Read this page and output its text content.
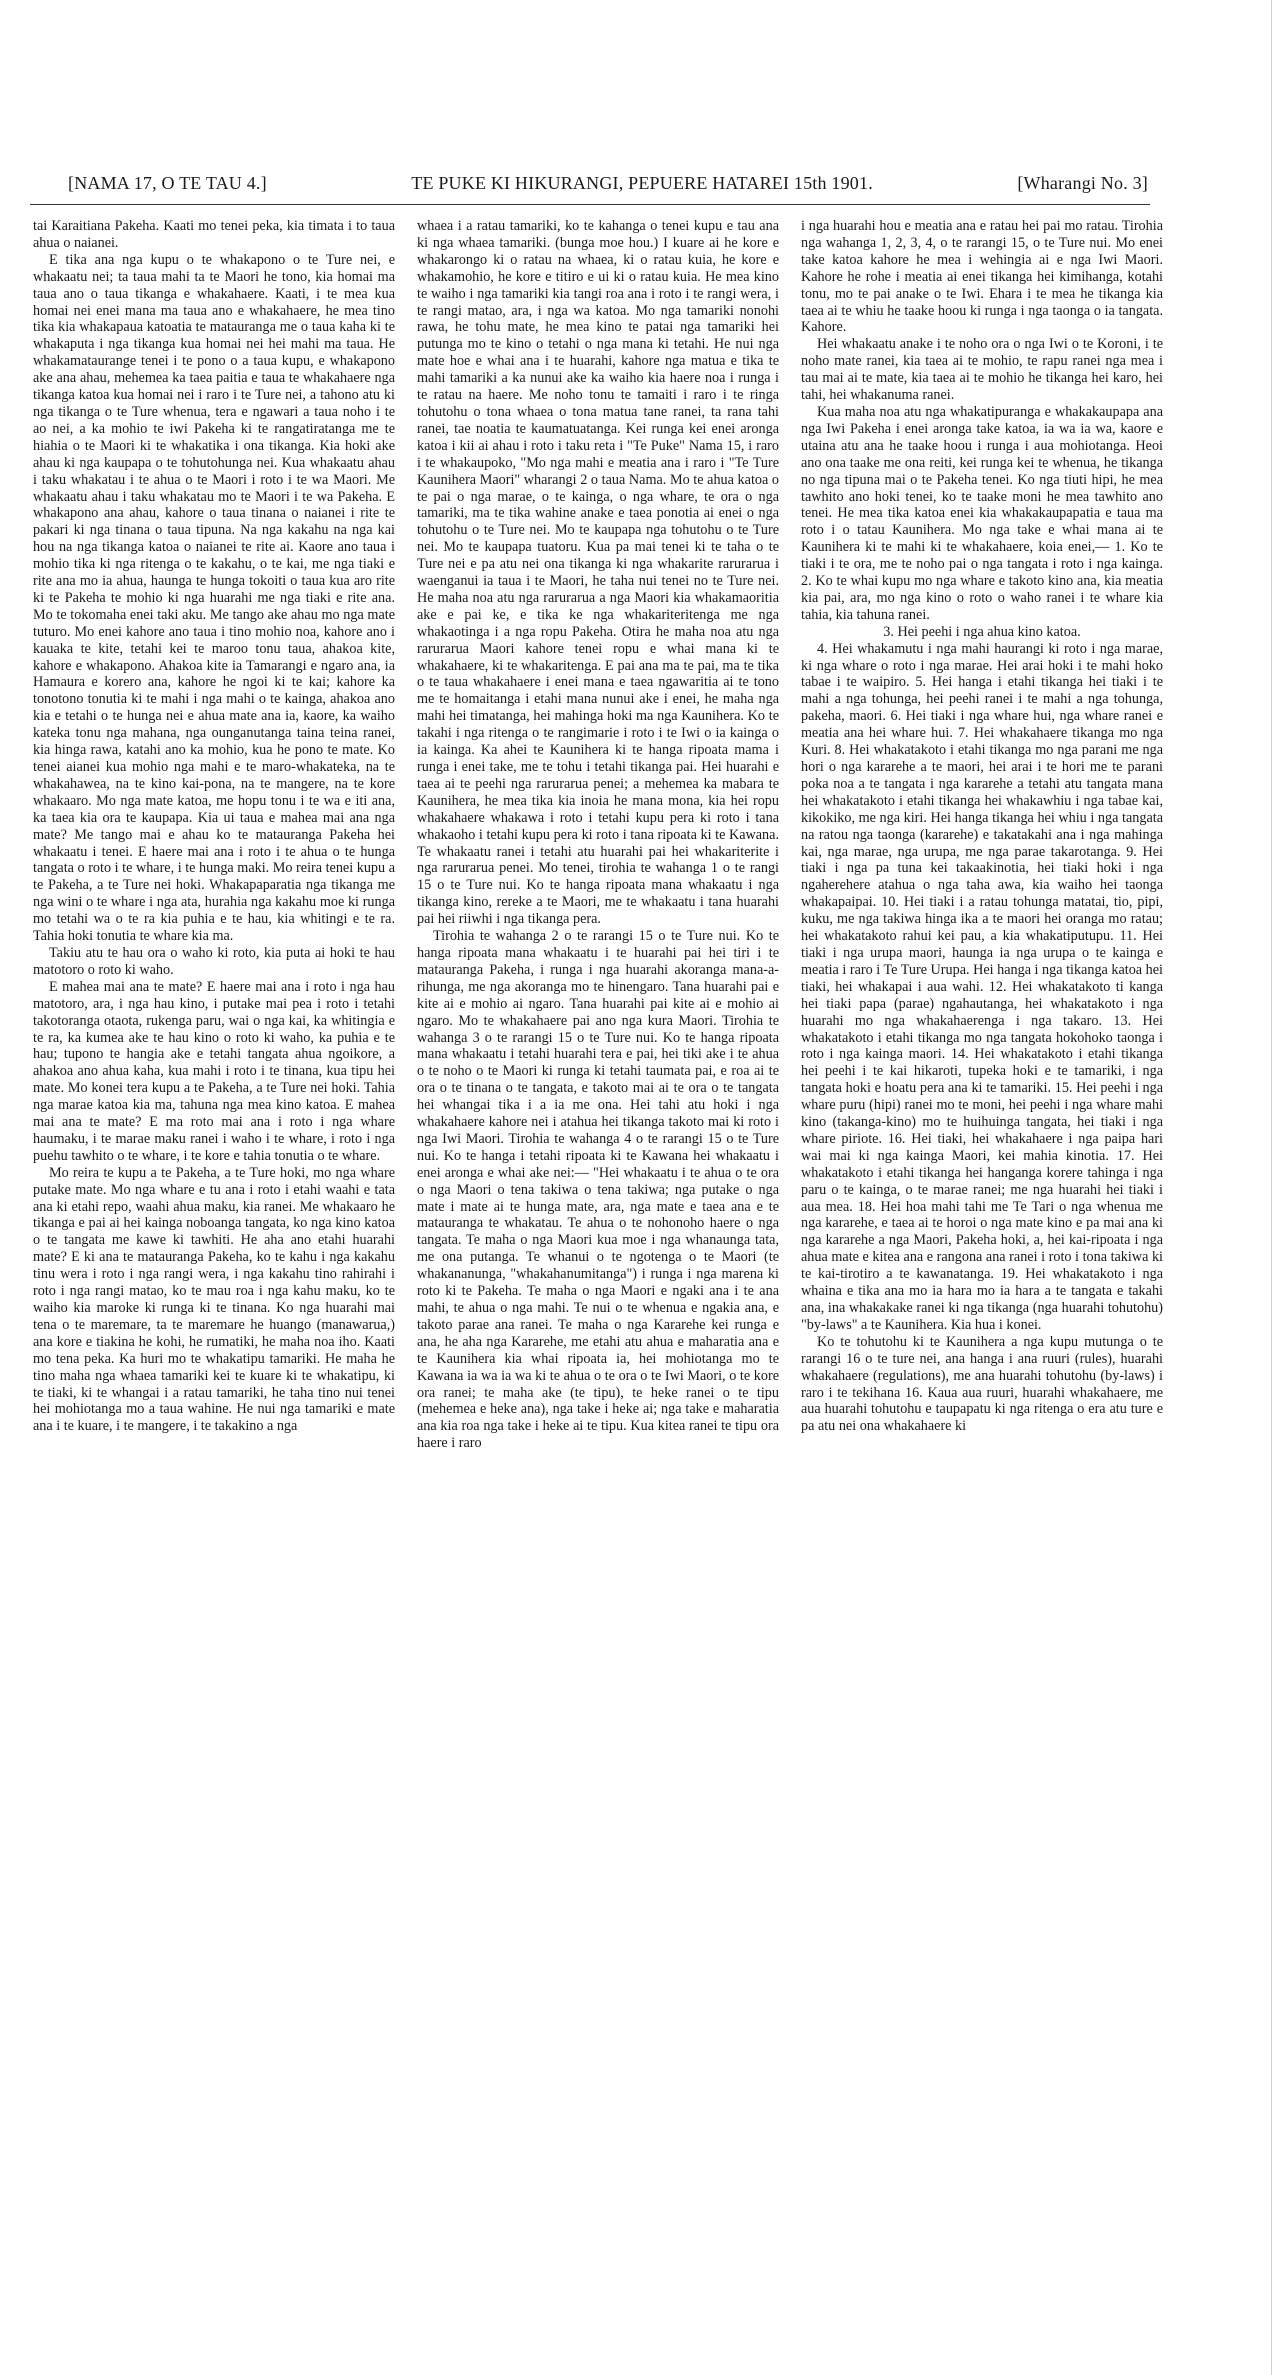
[NAMA 17, O TE TAU 4.]	TE PUKE KI HIKURANGI, PEPUERE HATAREI 15th 1901.	[Wharangi No. 3]

tai Karaitiana Pakeha. Kaati mo tenei peka, kia timata i to taua ahua o naianei.

E tika ana nga kupu o te whakapono o te Ture nei, e whakaatu nei; ta taua mahi ta te Maori he tono, kia homai ma taua ano o taua tikanga e whakahaere. Kaati, i te mea kua homai nei enei mana ma taua ano e whakahaere, he mea tino tika kia whakapaua katoatia te matauranga me o taua kaha ki te whakaputa i nga tikanga kua homai nei hei mahi ma taua. He whakamataurange tenei i te pono o a taua kupu, e whakapono ake ana ahau, mehemea ka taea paitia e taua te whakahaere nga tikanga katoa kua homai nei i raro i te Ture nei, a tahono atu ki nga tikanga o te Ture whenua, tera e ngawari a taua noho i te ao nei, a ka mohio te iwi Pakeha ki te rangatiratanga me te hiahia o te Maori ki te whakatika i ona tikanga. Kia hoki ake ahau ki nga kaupapa o te tohutohunga nei. Kua whakaatu ahau i taku whakatau i te ahua o te Maori i roto i te wa Maori. Me whakaatu ahau i taku whakatau mo te Maori i te wa Pakeha. E whakapono ana ahau, kahore o taua tinana o naianei i rite te pakari ki nga tinana o taua tipuna. Na nga kakahu na nga kai hou na nga tikanga katoa o naianei te rite ai. Kaore ano taua i mohio tika ki nga ritenga o te kakahu, o te kai, me nga tiaki e rite ana mo ia ahua, haunga te hunga tokoiti o taua kua aro rite ki te Pakeha te mohio ki nga huarahi me nga tiaki e rite ana. Mo te tokomaha enei taki aku. Me tango ake ahau mo nga mate tuturo. Mo enei kahore ano taua i tino mohio noa, kahore ano i kauaka te kite, tetahi kei te maroo tonu taua, ahakoa kite, kahore e whakapono. Ahakoa kite ia Tamarangi e ngaro ana, ia Hamaura e korero ana, kahore he ngoi ki te kai; kahore ka tonotono tonutia ki te mahi i nga mahi o te kainga, ahakoa ano kia e tetahi o te hunga nei e ahua mate ana ia, kaore, ka waiho kateka tonu nga mahana, nga ounganutanga taina teina ranei, kia hinga rawa, katahi ano ka mohio, kua he pono te mate. Ko tenei aianei kua mohio nga mahi e te maro-whakateka, na te whakahawea, na te kino kai-pona, na te mangere, na te kore whakaaro. Mo nga mate katoa, me hopu tonu i te wa e iti ana, ka taea kia ora te kaupapa. Kia ui taua e mahea mai ana nga mate? Me tango mai e ahau ko te matauranga Pakeha hei whakaatu i tenei. E haere mai ana i roto i te ahua o te hunga tangata o roto i te whare, i te hunga maki. Mo reira tenei kupu a te Pakeha, a te Ture nei hoki. Whakapaparatia nga tikanga me nga wini o te whare i nga ata, hurahia nga kakahu moe ki runga mo tetahi wa o te ra kia puhia e te hau, kia whitingi e te ra. Tahia hoki tonutia te whare kia ma.

Takiu atu te hau ora o waho ki roto, kia puta ai hoki te hau matotoro o roto ki waho.

E mahea mai ana te mate? E haere mai ana i roto i nga hau matotoro, ara, i nga hau kino, i putake mai pea i roto i tetahi takotoranga otaota, rukenga paru, wai o nga kai, ka whitingia e te ra, ka kumea ake te hau kino o roto ki waho, ka puhia e te hau; tupono te hangia ake e tetahi tangata ahua ngoikore, a ahakoa ano ahua kaha, kua mahi i roto i te tinana, kua tipu hei mate. Mo konei tera kupu a te Pakeha, a te Ture nei hoki. Tahia nga marae katoa kia ma, tahuna nga mea kino katoa. E mahea mai ana te mate? E ma roto mai ana i roto i nga whare haumaku, i te marae maku ranei i waho i te whare, i roto i nga puehu tawhito o te whare, i te kore e tahia tonutia o te whare.

Mo reira te kupu a te Pakeha, a te Ture hoki, mo nga whare putake mate. Mo nga whare e tu ana i roto i etahi waahi e tata ana ki etahi repo, waahi ahua maku, kia ranei. Me whakaaro he tikanga e pai ai hei kainga noboanga tangata, ko nga kino katoa o te tangata me kawe ki tawhiti. He aha ano etahi huarahi mate? E ki ana te matauranga Pakeha, ko te kahu i nga kakahu tinu wera i roto i nga rangi wera, i nga kakahu tino rahirahi i roto i nga rangi matao, ko te mau roa i nga kahu maku, ko te waiho kia maroke ki runga ki te tinana. Ko nga huarahi mai tena o te maremare, ta te maremare he huango (manawarua,) ana kore e tiakina he kohi, he rumatiki, he maha noa iho. Kaati mo tena peka. Ka huri mo te whakatipu tamariki. He maha he tino maha nga whaea tamariki kei te kuare ki te whakatipu, ki te tiaki, ki te whangai i a ratau tamariki, he taha tino nui tenei hei mohiotanga mo a taua wahine. He nui nga tamariki e mate ana i te kuare, i te mangere, i te takakino a nga

whaea i a ratau tamariki, ko te kahanga o tenei kupu e tau ana ki nga whaea tamariki. (bunga moe hou.) I kuare ai he kore e whakarongo ki o ratau na whaea, ki o ratau kuia, he kore e whakamohio, he kore e titiro e ui ki o ratau kuia. He mea kino te waiho i nga tamariki kia tangi roa ana i roto i te rangi wera, i te rangi matao, ara, i nga wa katoa. Mo nga tamariki nonohi rawa, he tohu mate, he mea kino te patai nga tamariki hei putunga mo te kino o tetahi o nga mana ki tetahi. He nui nga mate hoe e whai ana i te huarahi, kahore nga matua e tika te mahi tamariki a ka nunui ake ka waiho kia haere noa i runga i te ratau na haere. Me noho tonu te tamaiti i raro i te ringa tohutohu o tona whaea o tona matua tane ranei, ta rana tahi ranei, tae noatia te kaumatuatanga. Kei runga kei enei aronga katoa i kii ai ahau i roto i taku reta i "Te Puke" Nama 15, i raro i te whakaupoko, "Mo nga mahi e meatia ana i raro i "Te Ture Kaunihera Maori" wharangi 2 o taua Nama. Mo te ahua katoa o te pai o nga marae, o te kainga, o nga whare, te ora o nga tamariki, ma te tika wahine anake e taea ponotia ai enei o nga tohutohu o te Ture nei. Mo te kaupapa nga tohutohu o te Ture nei. Mo te kaupapa tuatoru. Kua pa mai tenei ki te taha o te Ture nei e pa atu nei ona tikanga ki nga whakarite rarurarua i waenganui ia taua i te Maori, he taha nui tenei no te Ture nei. He maha noa atu nga rarurarua a nga Maori kia whakamaoritia ake e pai ke, e tika ke nga whakariteritenga me nga whakaotinga i a nga ropu Pakeha. Otira he maha noa atu nga rarurarua Maori kahore tenei ropu e whai mana ki te whakahaere, ki te whakaritenga. E pai ana ma te pai, ma te tika o te taua whakahaere i enei mana e taea ngawaritia ai te tono me te homaitanga i etahi mana nunui ake i enei, he maha nga mahi hei timatanga, hei mahinga hoki ma nga Kaunihera. Ko te takahi i nga ritenga o te rangimarie i roto i te Iwi o ia kainga o ia kainga. Ka ahei te Kaunihera ki te hanga ripoata mama i runga i enei take, me te tohu i tetahi tikanga pai. Hei huarahi e taea ai te peehi nga rarurarua penei; a mehemea ka mabara te Kaunihera, he mea tika kia inoia he mana mona, kia hei ropu whakahaere whakawa i roto i tetahi kupu pera ki roto i tana whakaoho i tetahi kupu pera ki roto i tana ripoata ki te Kawana. Te whakaatu ranei i tetahi atu huarahi pai hei whakariterite i nga rarurarua penei. Mo tenei, tirohia te wahanga 1 o te rangi 15 o te Ture nui. Ko te hanga ripoata mana whakaatu i nga tikanga kino, rereke a te Maori, me te whakaatu i tana huarahi pai hei riiwhi i nga tikanga pera.

Tirohia te wahanga 2 o te rarangi 15 o te Ture nui. Ko te hanga ripoata mana whakaatu i te huarahi pai hei tiri i te matauranga Pakeha, i runga i nga huarahi akoranga mana-a-rihunga, me nga akoranga mo te hinengaro. Tana huarahi pai e kite ai e mohio ai ngaro. Tana huarahi pai kite ai e mohio ai ngaro. Mo te whakahaere pai ano nga kura Maori. Tirohia te wahanga 3 o te rarangi 15 o te Ture nui. Ko te hanga ripoata mana whakaatu i tetahi huarahi tera e pai, hei tiki ake i te ahua o te noho o te Maori ki runga ki tetahi taumata pai, e roa ai te ora o te tinana o te tangata, e takoto mai ai te ora o te tangata hei whangai tika i a ia me ona. Hei tahi atu hoki i nga whakahaere kahore nei i atahua hei tikanga takoto mai ki roto i nga Iwi Maori. Tirohia te wahanga 4 o te rarangi 15 o te Ture nui. Ko te hanga i tetahi ripoata ki te Kawana hei whakaatu i enei aronga e whai ake nei:— "Hei whakaatu i te ahua o te ora o nga Maori o tena takiwa o tena takiwa; nga putake o nga mate i mate ai te hunga mate, ara, nga mate e taea ana e te matauranga te whakatau. Te ahua o te nohonoho haere o nga tangata. Te maha o nga Maori kua moe i nga whanaunga tata, me ona putanga. Te whanui o te ngotenga o te Maori (te whakananunga, "whakahanumitanga") i runga i nga marena ki roto ki te Pakeha. Te maha o nga Maori e ngaki ana i te ana mahi, te ahua o nga mahi. Te nui o te whenua e ngakia ana, e takoto parae ana ranei. Te maha o nga Kararehe kei runga e ana, he aha nga Kararehe, me etahi atu ahua e maharatia ana e te Kaunihera kia whai ripoata ia, hei mohiotanga mo te Kawana ia wa ia wa ki te ahua o te ora o te Iwi Maori, o te kore ora ranei; te maha ake (te tipu), te heke ranei o te tipu (mehemea e heke ana), nga take i heke ai; nga take e maharatia ana kia roa nga take i heke ai te tipu. Kua kitea ranei te tipu ora haere i raro

i nga huarahi hou e meatia ana e ratau hei pai mo ratau. Tirohia nga wahanga 1, 2, 3, 4, o te rarangi 15, o te Ture nui. Mo enei take katoa kahore he mea i wehingia ai e nga Iwi Maori. Kahore he rohe i meatia ai enei tikanga hei kimihanga, kotahi tonu, mo te pai anake o te Iwi. Ehara i te mea he tikanga kia taea ai te whiu he taake hoou ki runga i nga taonga o ia tangata. Kahore.

Hei whakaatu anake i te noho ora o nga Iwi o te Koroni, i te noho mate ranei, kia taea ai te mohio, te rapu ranei nga mea i tau mai ai te mate, kia taea ai te mohio he tikanga hei karo, hei tahi, hei whakanuma ranei.

Kua maha noa atu nga whakatipuranga e whakakaupapa ana nga Iwi Pakeha i enei aronga take katoa, ia wa ia wa, kaore e utaina atu ana he taake hoou i runga i aua mohiotanga. Heoi ano ona taake me ona reiti, kei runga kei te whenua, he tikanga no nga tipuna mai o te Pakeha tenei. Ko nga tiuti hipi, he mea tawhito ano hoki tenei, ko te taake moni he mea tawhito ano tenei. He mea tika katoa enei kia whakakaupapatia e taua ma roto i o tatau Kaunihera. Mo nga take e whai mana ai te Kaunihera ki te mahi ki te whakahaere, koia enei,— 1. Ko te tiaki i te ora, me te noho pai o nga tangata i roto i nga kainga. 2. Ko te whai kupu mo nga whare e takoto kino ana, kia meatia kia pai, ara, mo nga kino o roto o waho ranei i te whare kia tahia, kia tahuna ranei.

3. Hei peehi i nga ahua kino katoa.

4. Hei whakamutu i nga mahi haurangi ki roto i nga marae, ki nga whare o roto i nga marae. Hei arai hoki i te mahi hoko tabae i te waipiro. 5. Hei hanga i etahi tikanga hei tiaki i te mahi a nga tohunga, hei peehi ranei i te mahi a nga tohunga, pakeha, maori. 6. Hei tiaki i nga whare hui, nga whare ranei e meatia ana hei whare hui. 7. Hei whakahaere tikanga mo nga Kuri. 8. Hei whakatakoto i etahi tikanga mo nga parani me nga hori o nga kararehe a te maori, hei arai i te hori me te parani poka noa a te tangata i nga kararehe a tetahi atu tangata mana hei whakatakoto i etahi tikanga hei whakawhiu i nga tabae kai, kikokiko, me nga kiri. Hei hanga tikanga hei whiu i nga tangata na ratou nga taonga (kararehe) e takatakahi ana i nga mahinga kai, nga marae, nga urupa, me nga parae takarotanga. 9. Hei tiaki i nga pa tuna kei takaakinotia, hei tiaki hoki i nga ngaherehere atahua o nga taha awa, kia waiho hei taonga whakapaipai. 10. Hei tiaki i a ratau tohunga matatai, tio, pipi, kuku, me nga takiwa hinga ika a te maori hei oranga mo ratau; hei whakatakoto rahui kei pau, a kia whakatiputupu. 11. Hei tiaki i nga urupa maori, haunga ia nga urupa o te kainga e meatia i raro i Te Ture Urupa. Hei hanga i nga tikanga katoa hei tiaki, hei whakapai i aua wahi. 12. Hei whakatakoto ti kanga hei tiaki papa (parae) ngahautanga, hei whakatakoto i nga huarahi mo nga whakahaerenga i nga takaro. 13. Hei whakatakoto i etahi tikanga mo nga tangata hokohoko taonga i roto i nga kainga maori. 14. Hei whakatakoto i etahi tikanga hei peehi i te kai hikaroti, tupeka hoki e te tamariki, i nga tangata hoki e hoatu pera ana ki te tamariki. 15. Hei peehi i nga whare puru (hipi) ranei mo te moni, hei peehi i nga whare mahi kino (takanga-kino) mo te huihuinga tangata, hei tiaki i nga whare piriote. 16. Hei tiaki, hei whakahaere i nga paipa hari wai mai ki nga kainga Maori, kei mahia kinotia. 17. Hei whakatakoto i etahi tikanga hei hanganga korere tahinga i nga paru o te kainga, o te marae ranei; me nga huarahi hei tiaki i aua mea. 18. Hei hoa mahi tahi me Te Tari o nga whenua me nga kararehe, e taea ai te horoi o nga mate kino e pa mai ana ki nga kararehe a nga Maori, Pakeha hoki, a, hei kai-ripoata i nga ahua mate e kitea ana e rangona ana ranei i roto i tona takiwa ki te kai-tirotiro a te kawanatanga. 19. Hei whakatakoto i nga whaina e tika ana mo ia hara mo ia hara a te tangata e takahi ana, ina whakakake ranei ki nga tikanga (nga huarahi tohutohu) "by-laws" a te Kaunihera. Kia hua i konei.

Ko te tohutohu ki te Kaunihera a nga kupu mutunga o te rarangi 16 o te ture nei, ana hanga i ana ruuri (rules), huarahi whakahaere (regulations), me ana huarahi tohutohu (by-laws) i raro i te tekihana 16. Kaua aua ruuri, huarahi whakahaere, me aua huarahi tohutohu e taupapatu ki nga ritenga o era atu ture e pa atu nei ona whakahaere ki
